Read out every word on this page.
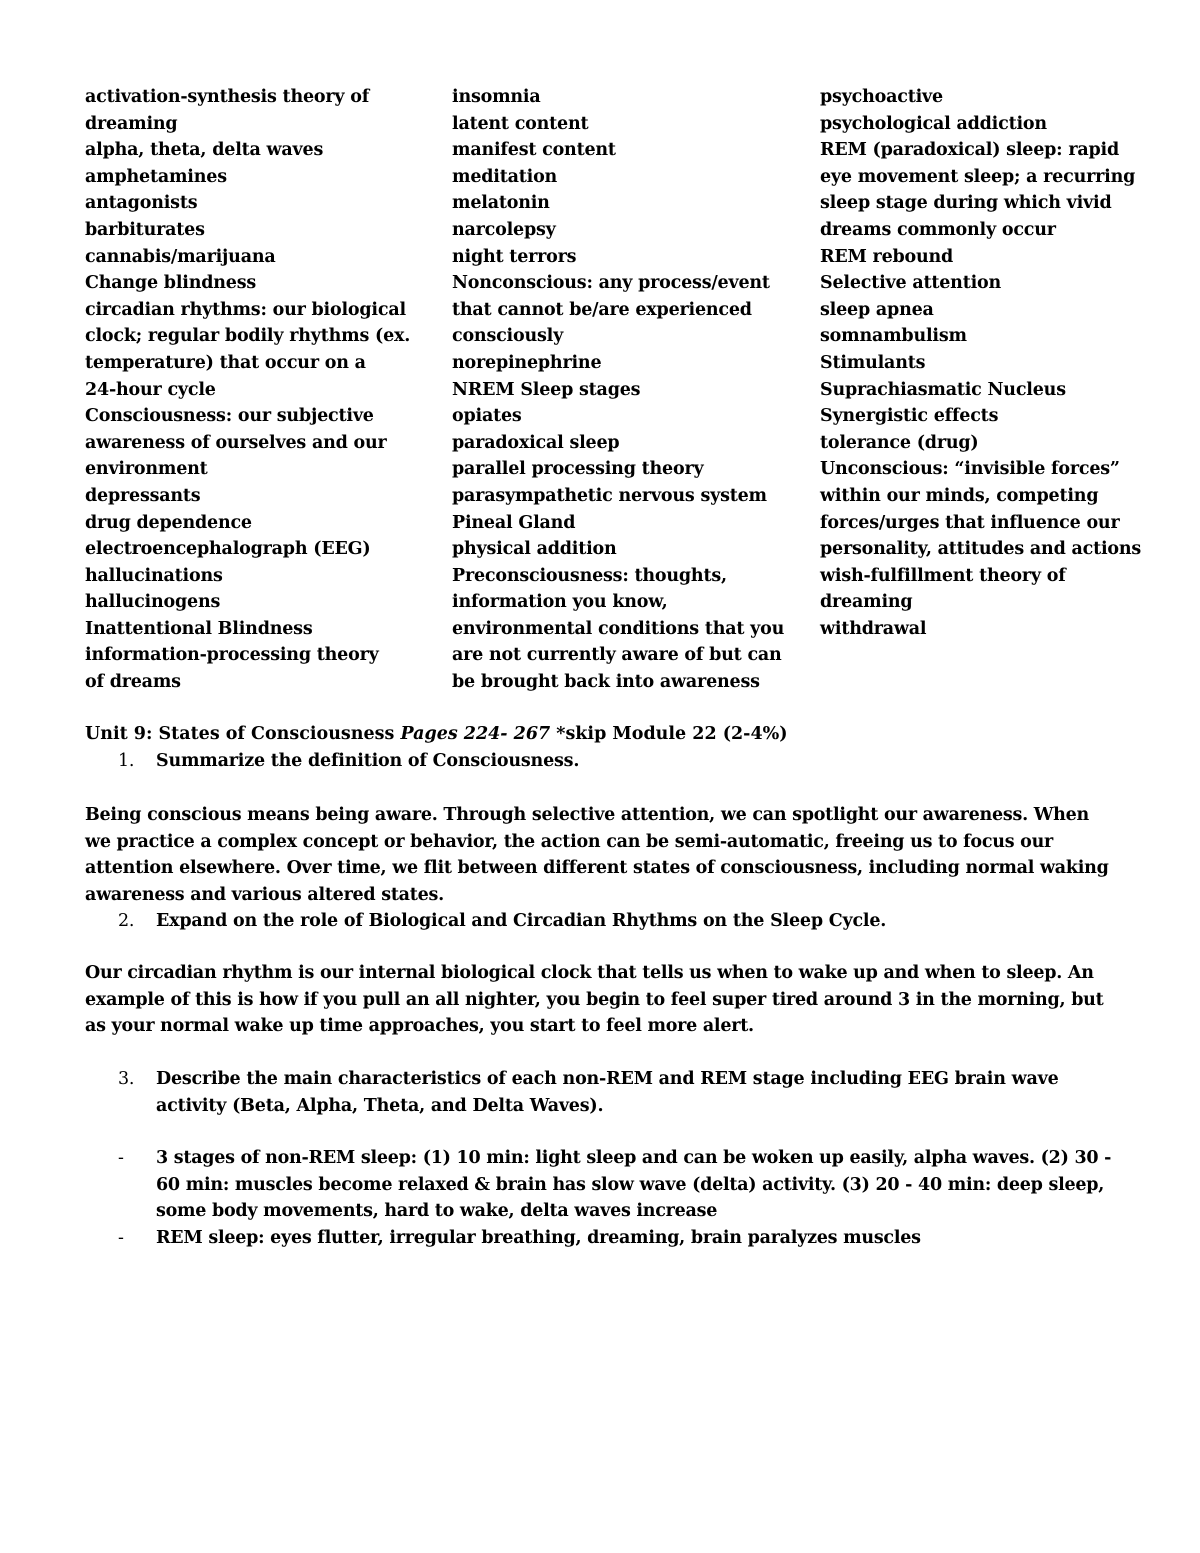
activation-synthesis theory of
dreaming
alpha, theta, delta waves
amphetamines
antagonists
barbiturates
cannabis/marijuana
Change blindness
circadian rhythms: our biological
clock; regular bodily rhythms (ex.
temperature) that occur on a
24-hour cycle
Consciousness: our subjective
awareness of ourselves and our
environment
depressants
drug dependence
electroencephalograph (EEG)
hallucinations
hallucinogens
Inattentional Blindness
information-processing theory
of dreams
insomnia
latent content
manifest content
meditation
melatonin
narcolepsy
night terrors
Nonconscious: any process/event
that cannot be/are experienced
consciously
norepinephrine
NREM Sleep stages
opiates
paradoxical sleep
parallel processing theory
parasympathetic nervous system
Pineal Gland
physical addition
Preconsciousness: thoughts,
information you know,
environmental conditions that you
are not currently aware of but can
be brought back into awareness
psychoactive
psychological addiction
REM (paradoxical) sleep: rapid
eye movement sleep; a recurring
sleep stage during which vivid
dreams commonly occur
REM rebound
Selective attention
sleep apnea
somnambulism
Stimulants
Suprachiasmatic Nucleus
Synergistic effects
tolerance (drug)
Unconscious: “invisible forces”
within our minds, competing
forces/urges that influence our
personality, attitudes and actions
wish-fulfillment theory of
dreaming
withdrawal
Unit 9: States of Consciousness Pages 224- 267 *skip Module 22 (2-4%)
1. Summarize the definition of Consciousness.
Being conscious means being aware. Through selective attention, we can spotlight our awareness. When we practice a complex concept or behavior, the action can be semi-automatic, freeing us to focus our attention elsewhere. Over time, we flit between different states of consciousness, including normal waking awareness and various altered states.
2. Expand on the role of Biological and Circadian Rhythms on the Sleep Cycle.
Our circadian rhythm is our internal biological clock that tells us when to wake up and when to sleep. An example of this is how if you pull an all nighter, you begin to feel super tired around 3 in the morning, but as your normal wake up time approaches, you start to feel more alert.
3. Describe the main characteristics of each non-REM and REM stage including EEG brain wave activity (Beta, Alpha, Theta, and Delta Waves).
- 3 stages of non-REM sleep: (1) 10 min: light sleep and can be woken up easily, alpha waves. (2) 30 - 60 min: muscles become relaxed & brain has slow wave (delta) activity. (3) 20 - 40 min: deep sleep, some body movements, hard to wake, delta waves increase
- REM sleep: eyes flutter, irregular breathing, dreaming, brain paralyzes muscles
